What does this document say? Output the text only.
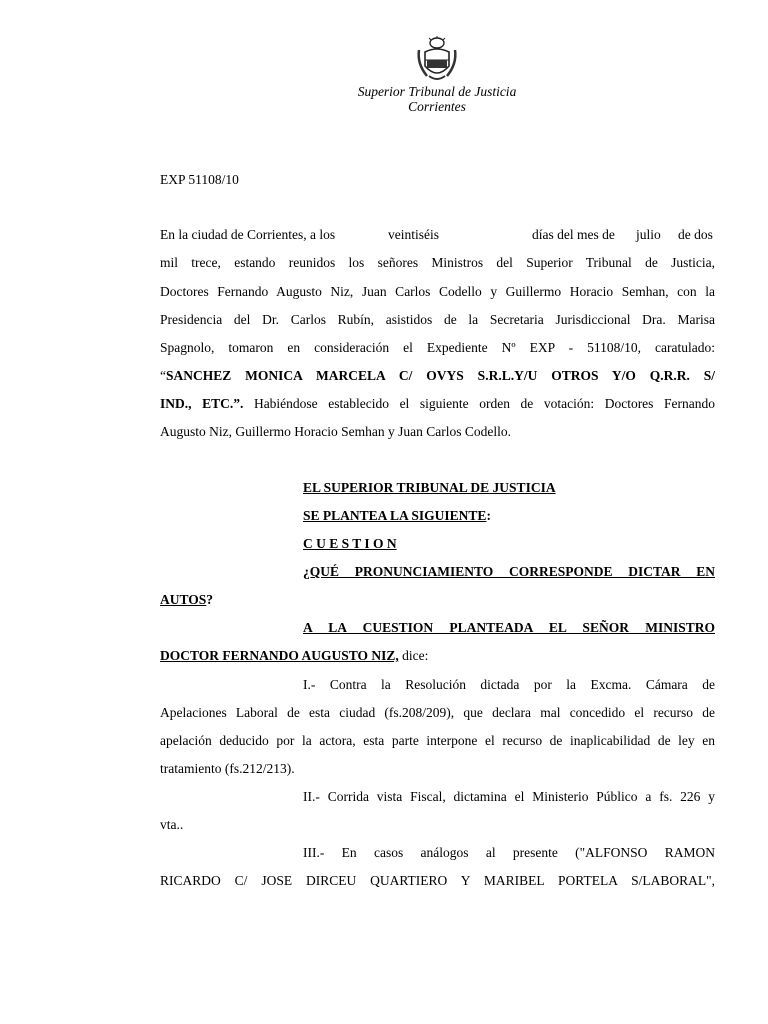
Superior Tribunal de Justicia
Corrientes
EXP 51108/10
En la ciudad de Corrientes, a los	veintiséis	días del mes de julio de dos
mil trece, estando reunidos los señores Ministros del Superior Tribunal de Justicia,
Doctores Fernando Augusto Niz, Juan Carlos Codello y Guillermo Horacio Semhan, con la
Presidencia del Dr. Carlos Rubín, asistidos de la Secretaria Jurisdiccional Dra. Marisa
Spagnolo, tomaron en consideración el Expediente Nº EXP - 51108/10, caratulado:
“SANCHEZ MONICA MARCELA C/ OVYS S.R.L.Y/U OTROS Y/O Q.R.R. S/
IND., ETC.”. Habiéndose establecido el siguiente orden de votación: Doctores Fernando
Augusto Niz, Guillermo Horacio Semhan y Juan Carlos Codello.
EL SUPERIOR TRIBUNAL DE JUSTICIA
SE PLANTEA LA SIGUIENTE:
C U E S T I O N
¿QUÉ PRONUNCIAMIENTO CORRESPONDE DICTAR EN
AUTOS?
A LA CUESTION PLANTEADA EL SEÑOR MINISTRO
DOCTOR FERNANDO AUGUSTO NIZ, dice:
I.- Contra la Resolución dictada por la Excma. Cámara de
Apelaciones Laboral de esta ciudad (fs.208/209), que declara mal concedido el recurso de
apelación deducido por la actora, esta parte interpone el recurso de inaplicabilidad de ley en
tratamiento (fs.212/213).
II.- Corrida vista Fiscal, dictamina el Ministerio Público a fs. 226 y
vta..
III.- En casos análogos al presente ("ALFONSO RAMON
RICARDO C/ JOSE DIRCEU QUARTIERO Y MARIBEL PORTELA S/LABORAL",
